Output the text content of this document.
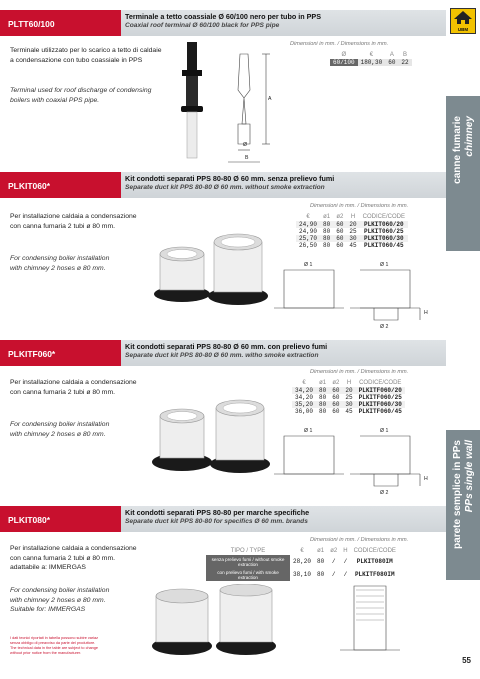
canne fumarie chimney
parete semplice in PPs PPs single wall
UBM
PLTT60/100
Terminale a tetto coassiale Ø 60/100 nero per tubo in PPS
Coaxial roof terminal Ø 60/100 black for PPS pipe
Terminale utilizzato per lo scarico a tetto di caldaie
a condensazione con tubo coassiale in PPS
Terminal used for roof discharge of condensing
boilers with coaxial PPS pipe.	A
Ø
B
Dimensioni in mm. / Dimensions in mm.
Ø	€	A	B
60/100	180,30	60	22
PLKIT060*
Kit condotti separati PPS 80-80 Ø 60 mm. senza prelievo fumi
Separate duct kit PPS 80-80 Ø 60 mm. without smoke extraction
Per installazione caldaia a condensazione
con canna fumaria 2 tubi ø 80 mm.
For condensing boiler installation
with chimney 2 hoses ø 80 mm.
Dimensioni in mm. / Dimensions in mm.
€	ø1	ø2	H	CODICE/CODE
24,90	80	60	20	PLKIT060/20
24,90	80	60	25	PLKIT060/25
25,70	80	60	30	PLKIT060/30
26,50	80	60	45	PLKIT060/45
Ø 1	Ø 1
Ø 2
H
PLKITF060*
Kit condotti separati PPS 80-80 Ø 60 mm. con prelievo fumi
Separate duct kit PPS 80-80 Ø 60 mm. witho smoke extraction
Per installazione caldaia a condensazione
con canna fumaria 2 tubi ø 80 mm.
For condensing boiler installation
with chimney 2 hoses ø 80 mm.
Dimensioni in mm. / Dimensions in mm.
€	ø1	ø2	H	CODICE/CODE
34,20	80	60	20	PLKITF060/20
34,20	80	60	25	PLKITF060/25
35,20	80	60	30	PLKITF060/30
36,00	80	60	45	PLKITF060/45
Ø 1	Ø 1
Ø 2
H
PLKIT080*
Kit condotti separati PPS 80-80 per marche specifiche
Separate duct kit PPS 80-80 for specifics Ø 60 mm. brands
Per installazione caldaia a condensazione
con canna fumaria 2 tubi ø 80 mm.
adattabile a: IMMERGAS
For condensing boiler installation
with chimney 2 hoses ø 80 mm.
Suitable for: IMMERGAS
Dimensioni in mm. / Dimensions in mm.
TIPO / TYPE	€	ø1	ø2	H	CODICE/CODE
senza prelievo fumi / without smoke extraction	28,20	80	/	/	PLKIT080IM
con prelievo fumi / with smoke extraction	38,10	80	/	/	PLKITF080IM
I dati tecnici riportati in tabella possono subire variaz
senza obbligo di preavviso da parte del produttore.
The technical data in the table are subject to change
without prior notice from the manufacturer.
55
